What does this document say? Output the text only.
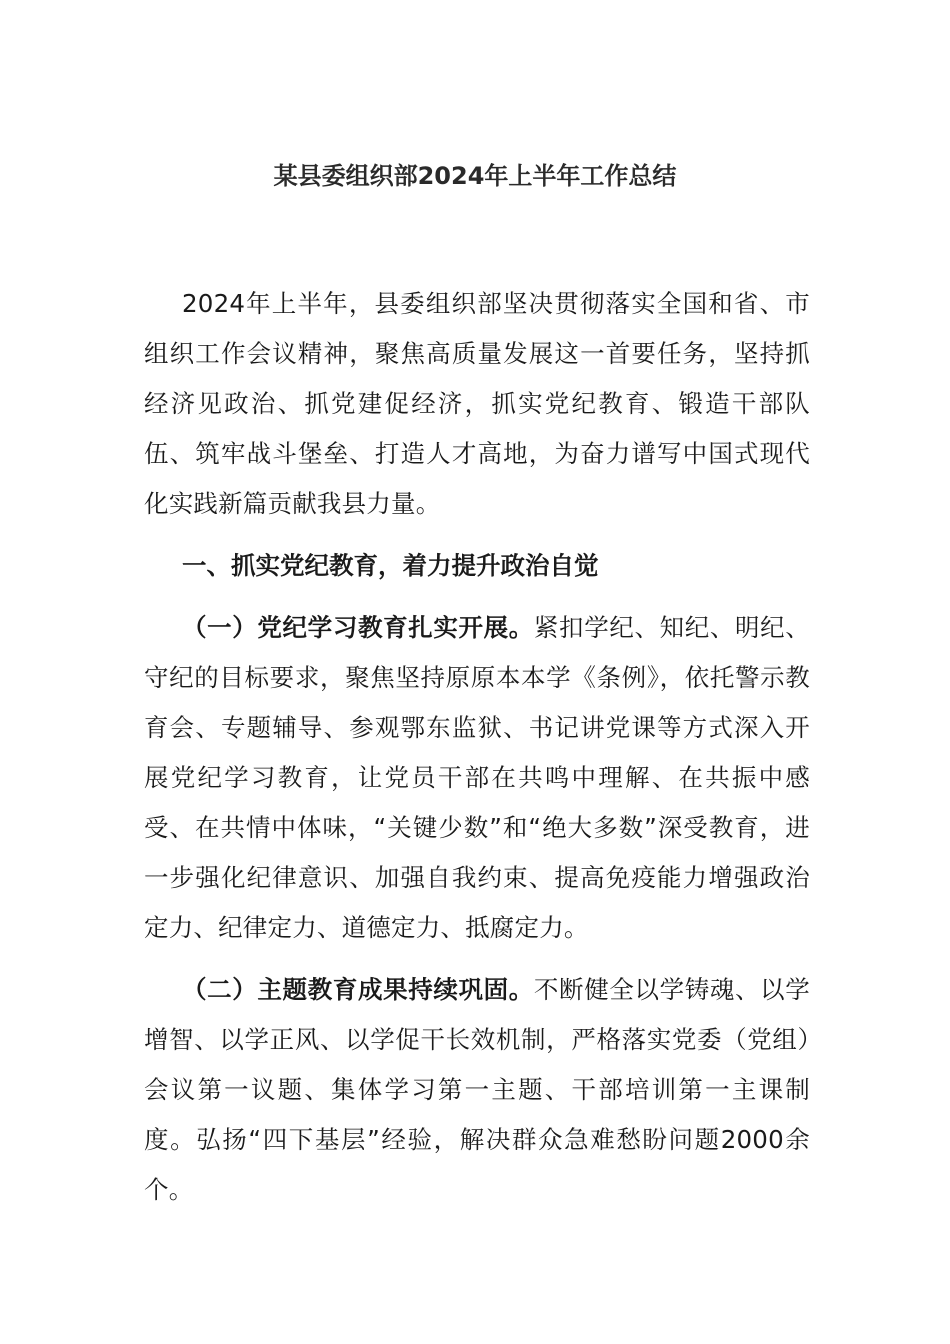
某县委组织部2024年上半年工作总结

2024年上半年，县委组织部坚决贯彻落实全国和省、市组织工作会议精神，聚焦高质量发展这一首要任务，坚持抓经济见政治、抓党建促经济，抓实党纪教育、锻造干部队伍、筑牢战斗堡垒、打造人才高地，为奋力谱写中国式现代化实践新篇贡献我县力量。

一、抓实党纪教育，着力提升政治自觉

（一）党纪学习教育扎实开展。紧扣学纪、知纪、明纪、守纪的目标要求，聚焦坚持原原本本学《条例》，依托警示教育会、专题辅导、参观鄂东监狱、书记讲党课等方式深入开展党纪学习教育，让党员干部在共鸣中理解、在共振中感受、在共情中体味，“关键少数”和“绝大多数”深受教育，进一步强化纪律意识、加强自我约束、提高免疫能力增强政治定力、纪律定力、道德定力、抵腐定力。

（二）主题教育成果持续巩固。不断健全以学铸魂、以学增智、以学正风、以学促干长效机制，严格落实党委（党组）会议第一议题、集体学习第一主题、干部培训第一主课制度。弘扬“四下基层”经验，解决群众急难愁盼问题2000余个。
